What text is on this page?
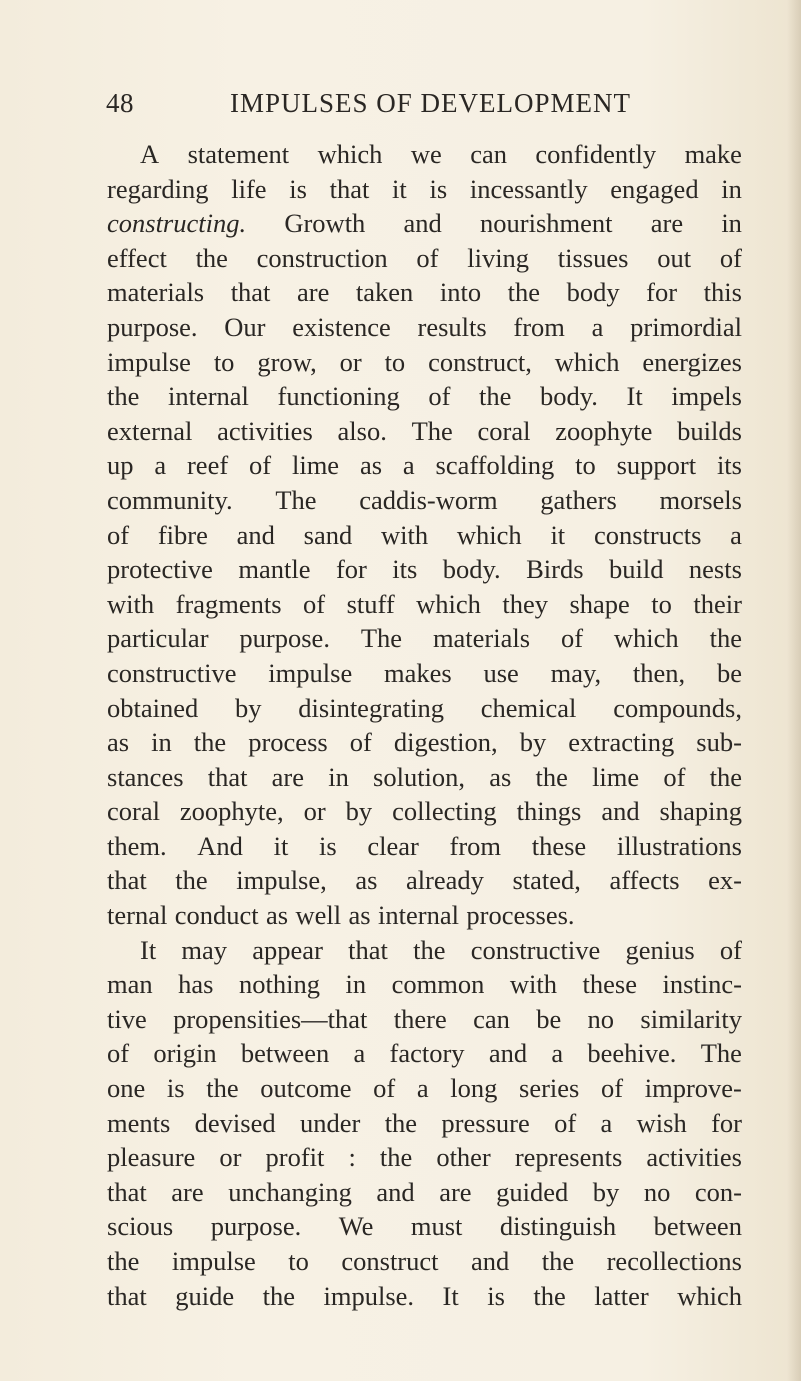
48	IMPULSES OF DEVELOPMENT
A statement which we can confidently make
regarding life is that it is incessantly engaged in
constructing. Growth and nourishment are in
effect the construction of living tissues out of
materials that are taken into the body for this
purpose. Our existence results from a primordial
impulse to grow, or to construct, which energizes
the internal functioning of the body. It impels
external activities also. The coral zoophyte builds
up a reef of lime as a scaffolding to support its
community. The caddis-worm gathers morsels
of fibre and sand with which it constructs a
protective mantle for its body. Birds build nests
with fragments of stuff which they shape to their
particular purpose. The materials of which the
constructive impulse makes use may, then, be
obtained by disintegrating chemical compounds,
as in the process of digestion, by extracting sub-
stances that are in solution, as the lime of the
coral zoophyte, or by collecting things and shaping
them. And it is clear from these illustrations
that the impulse, as already stated, affects ex-
ternal conduct as well as internal processes.
It may appear that the constructive genius of
man has nothing in common with these instinc-
tive propensities—that there can be no similarity
of origin between a factory and a beehive. The
one is the outcome of a long series of improve-
ments devised under the pressure of a wish for
pleasure or profit : the other represents activities
that are unchanging and are guided by no con-
scious purpose. We must distinguish between
the impulse to construct and the recollections
that guide the impulse. It is the latter which
